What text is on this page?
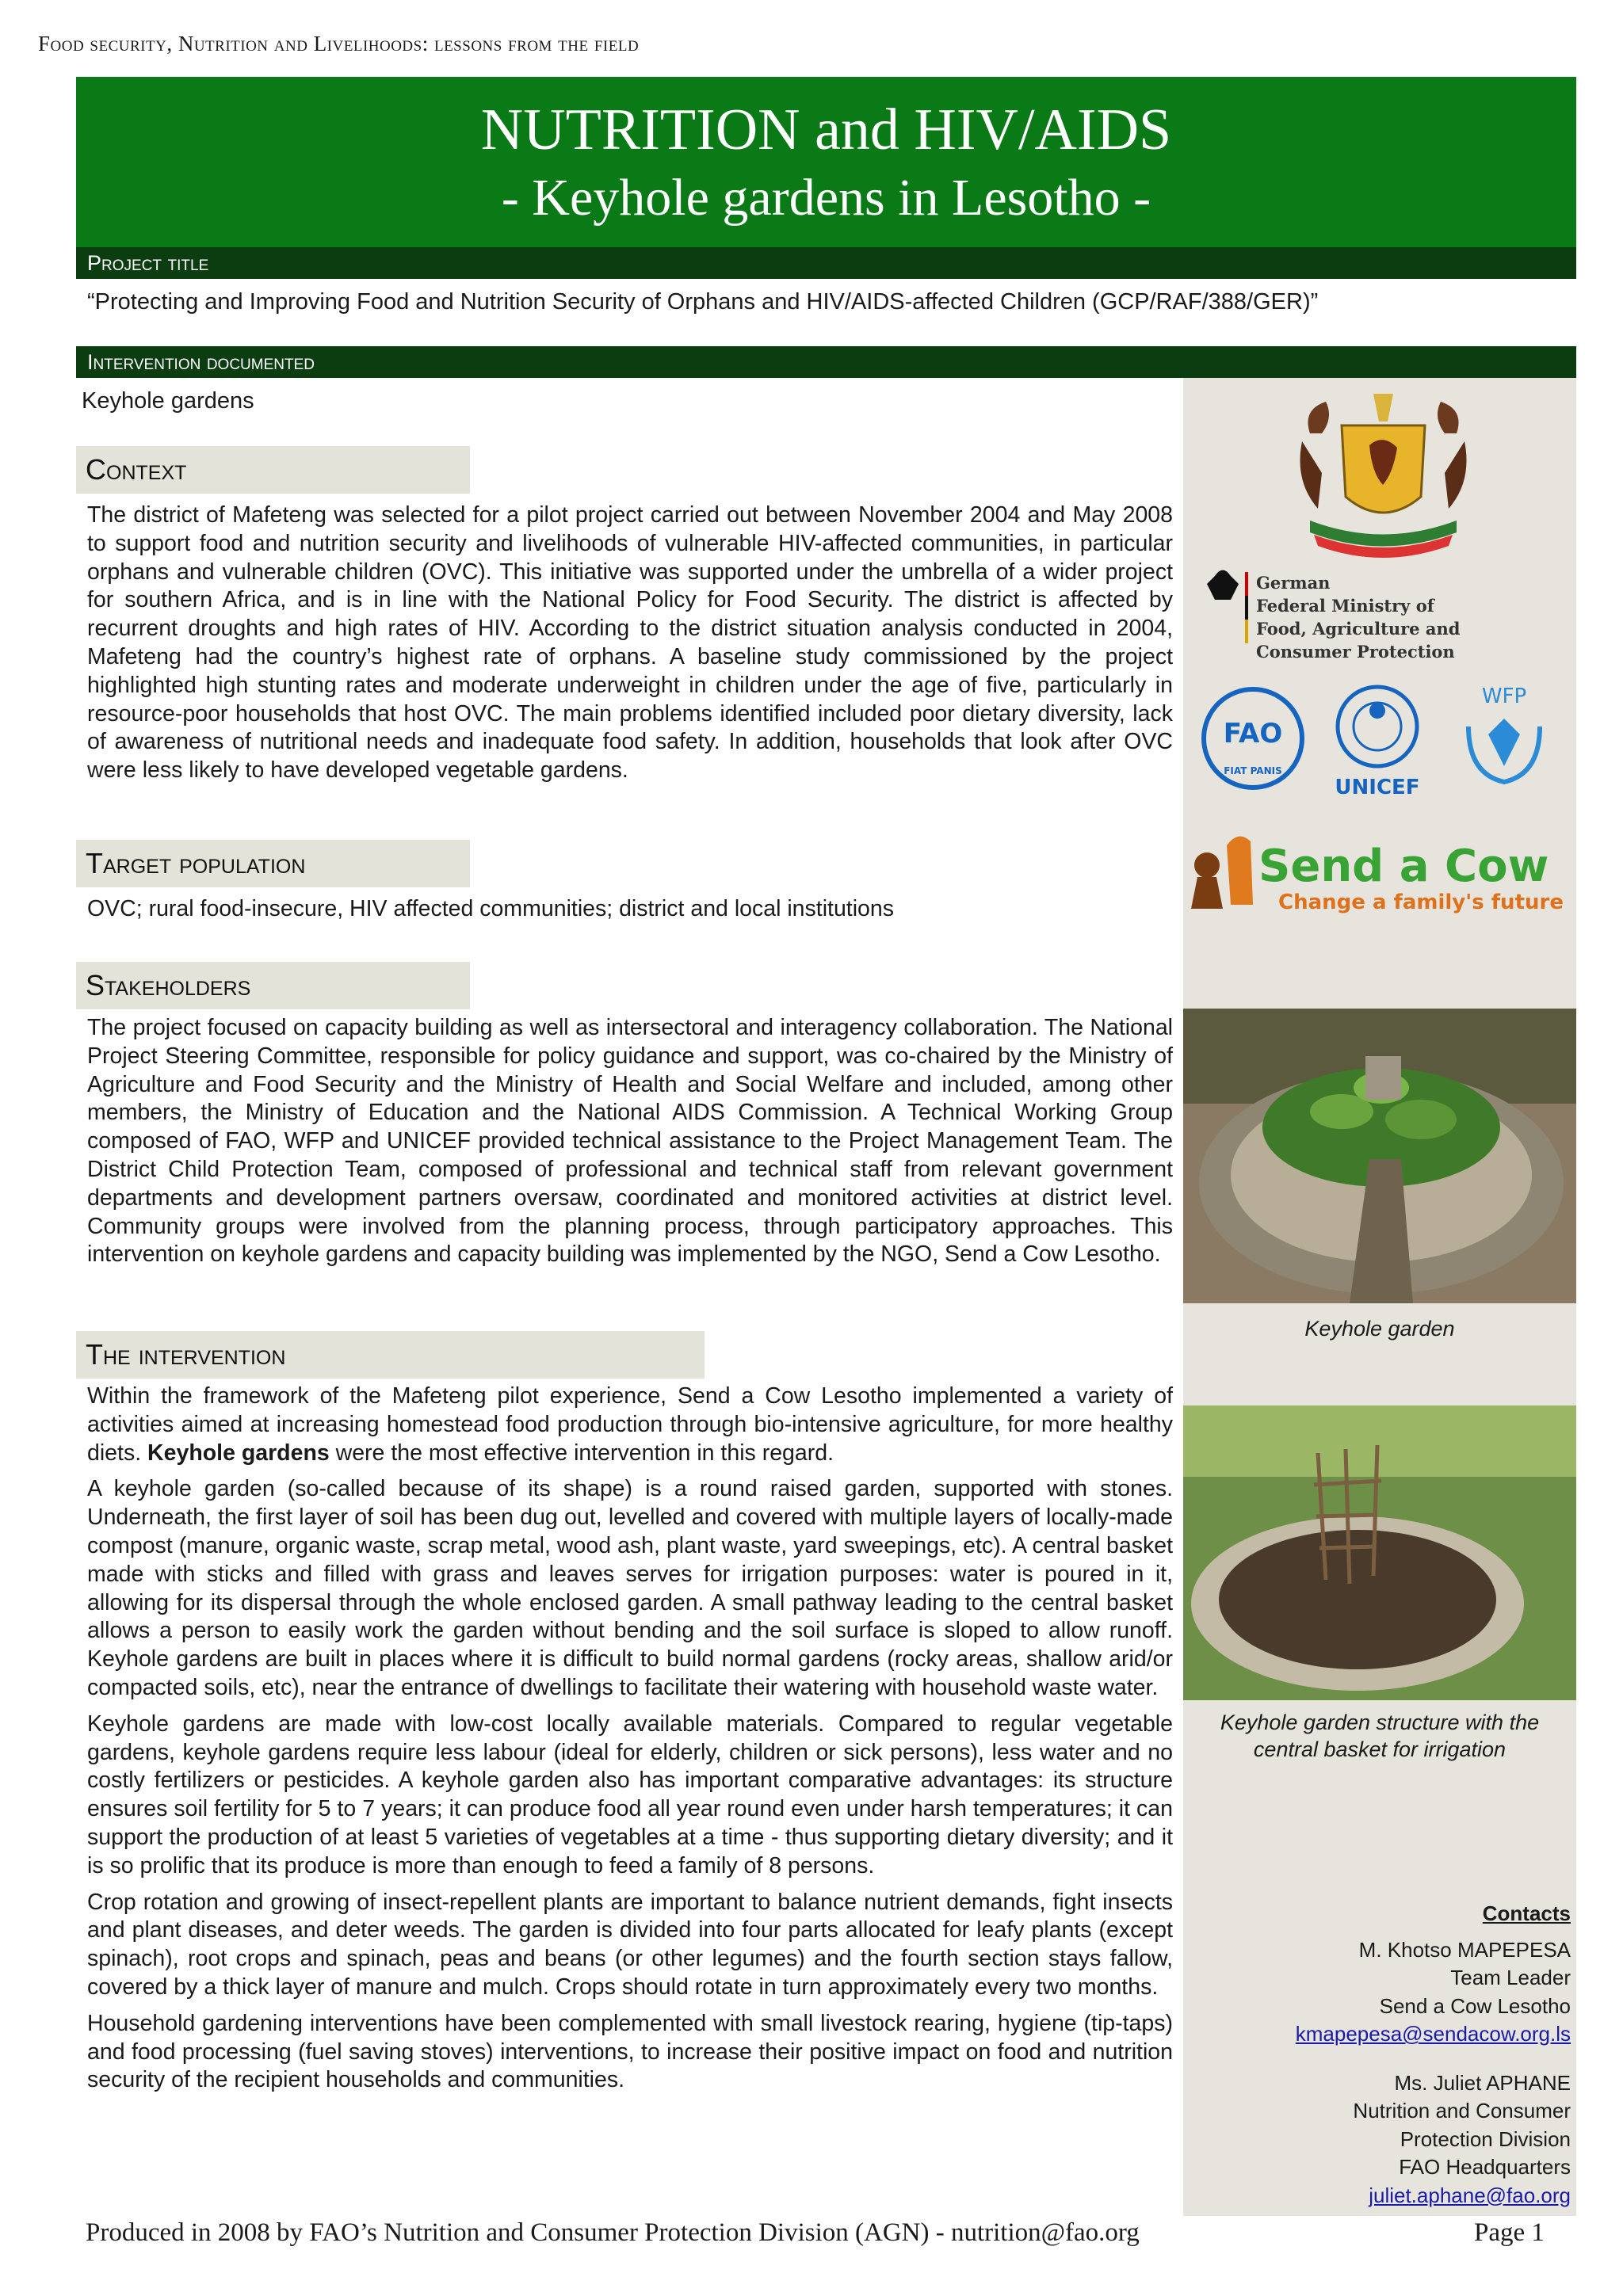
Food security, Nutrition and Livelihoods: lessons from the field
NUTRITION and HIV/AIDS
- Keyhole gardens in Lesotho -
Project title
“Protecting and Improving Food and Nutrition Security of Orphans and HIV/AIDS-affected Children (GCP/RAF/388/GER)”
Intervention documented
Keyhole gardens
German
Federal Ministry of
Food, Agriculture and
Consumer Protection
FAO
FIAT PANIS
UNICEF
WFP
Send a Cow
Change a family's future
Keyhole garden
Keyhole garden structure with the central basket for irrigation
Context

The district of Mafeteng was selected for a pilot project carried out between November 2004 and May 2008 to support food and nutrition security and livelihoods of vulnerable HIV-affected communities, in particular orphans and vulnerable children (OVC). This initiative was supported under the umbrella of a wider project for southern Africa, and is in line with the National Policy for Food Security. The district is affected by recurrent droughts and high rates of HIV. According to the district situation analysis conducted in 2004, Mafeteng had the country’s highest rate of orphans. A baseline study commissioned by the project highlighted high stunting rates and moderate underweight in children under the age of five, particularly in resource-poor households that host OVC. The main problems identified included poor dietary diversity, lack of awareness of nutritional needs and inadequate food safety. In addition, households that look after OVC were less likely to have developed vegetable gardens.

Target population

OVC; rural food-insecure, HIV affected communities; district and local institutions

Stakeholders

The project focused on capacity building as well as intersectoral and interagency collaboration. The National Project Steering Committee, responsible for policy guidance and support, was co-chaired by the Ministry of Agriculture and Food Security and the Ministry of Health and Social Welfare and included, among other members, the Ministry of Education and the National AIDS Commission. A Technical Working Group composed of FAO, WFP and UNICEF provided technical assistance to the Project Management Team. The District Child Protection Team, composed of professional and technical staff from relevant government departments and development partners oversaw, coordinated and monitored activities at district level. Community groups were involved from the planning process, through participatory approaches. This intervention on keyhole gardens and capacity building was implemented by the NGO, Send a Cow Lesotho.

The intervention

Within the framework of the Mafeteng pilot experience, Send a Cow Lesotho implemented a variety of activities aimed at increasing homestead food production through bio-intensive agriculture, for more healthy diets. Keyhole gardens were the most effective intervention in this regard.

A keyhole garden (so-called because of its shape) is a round raised garden, supported with stones. Underneath, the first layer of soil has been dug out, levelled and covered with multiple layers of locally-made compost (manure, organic waste, scrap metal, wood ash, plant waste, yard sweepings, etc). A central basket made with sticks and filled with grass and leaves serves for irrigation purposes: water is poured in it, allowing for its dispersal through the whole enclosed garden. A small pathway leading to the central basket allows a person to easily work the garden without bending and the soil surface is sloped to allow runoff. Keyhole gardens are built in places where it is difficult to build normal gardens (rocky areas, shallow arid/or compacted soils, etc), near the entrance of dwellings to facilitate their watering with household waste water.

Keyhole gardens are made with low-cost locally available materials. Compared to regular vegetable gardens, keyhole gardens require less labour (ideal for elderly, children or sick persons), less water and no costly fertilizers or pesticides. A keyhole garden also has important comparative advantages: its structure ensures soil fertility for 5 to 7 years; it can produce food all year round even under harsh temperatures; it can support the production of at least 5 varieties of vegetables at a time - thus supporting dietary diversity; and it is so prolific that its produce is more than enough to feed a family of 8 persons.

Crop rotation and growing of insect-repellent plants are important to balance nutrient demands, fight insects and plant diseases, and deter weeds. The garden is divided into four parts allocated for leafy plants (except spinach), root crops and spinach, peas and beans (or other legumes) and the fourth section stays fallow, covered by a thick layer of manure and mulch. Crops should rotate in turn approximately every two months.

Household gardening interventions have been complemented with small livestock rearing, hygiene (tip-taps) and food processing (fuel saving stoves) interventions, to increase their positive impact on food and nutrition security of the recipient households and communities.

Contacts
M. Khotso MAPEPESA
Team Leader
Send a Cow Lesotho
kmapepesa@sendacow.org.ls
Ms. Juliet APHANE
Nutrition and Consumer
Protection Division
FAO Headquarters
juliet.aphane@fao.org
Produced in 2008 by FAO’s Nutrition and Consumer Protection Division (AGN) - nutrition@fao.org	Page 1
